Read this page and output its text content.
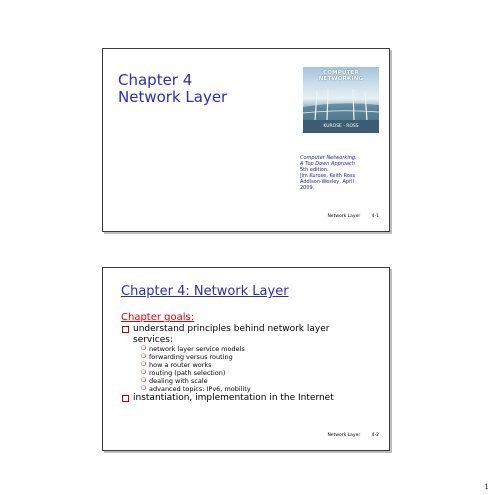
Chapter 4
Network Layer
COMPUTER
NETWORKING
KUROSE · ROSS
Computer Networking:
A Top Down Approach
5th edition.
Jim Kurose, Keith Ross
Addison-Wesley, April
2009.
Network Layer	4-1
Chapter 4: Network Layer
Chapter goals:
understand principles behind network layer
services:
❍ network layer service models
❍ forwarding versus routing
❍ how a router works
❍ routing (path selection)
❍ dealing with scale
❍ advanced topics: IPv6, mobility
instantiation, implementation in the Internet
Network Layer	4-2
1
